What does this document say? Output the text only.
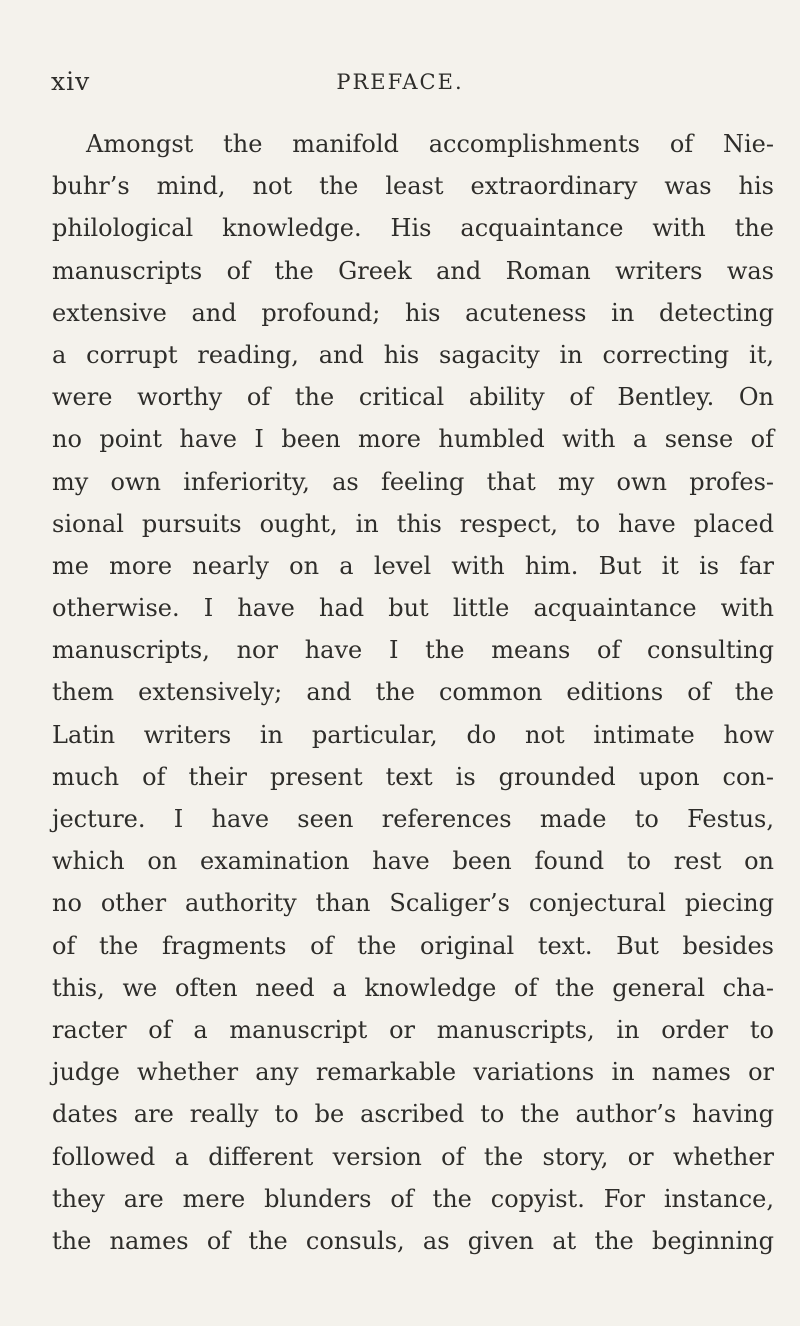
xiv	PREFACE.
Amongst the manifold accomplishments of Nie-
buhr’s mind, not the least extraordinary was his
philological knowledge. His acquaintance with the
manuscripts of the Greek and Roman writers was
extensive and profound; his acuteness in detecting
a corrupt reading, and his sagacity in correcting it,
were worthy of the critical ability of Bentley. On
no point have I been more humbled with a sense of
my own inferiority, as feeling that my own profes-
sional pursuits ought, in this respect, to have placed
me more nearly on a level with him. But it is far
otherwise. I have had but little acquaintance with
manuscripts, nor have I the means of consulting
them extensively; and the common editions of the
Latin writers in particular, do not intimate how
much of their present text is grounded upon con-
jecture. I have seen references made to Festus,
which on examination have been found to rest on
no other authority than Scaliger’s conjectural piecing
of the fragments of the original text. But besides
this, we often need a knowledge of the general cha-
racter of a manuscript or manuscripts, in order to
judge whether any remarkable variations in names or
dates are really to be ascribed to the author’s having
followed a different version of the story, or whether
they are mere blunders of the copyist. For instance,
the names of the consuls, as given at the beginning
